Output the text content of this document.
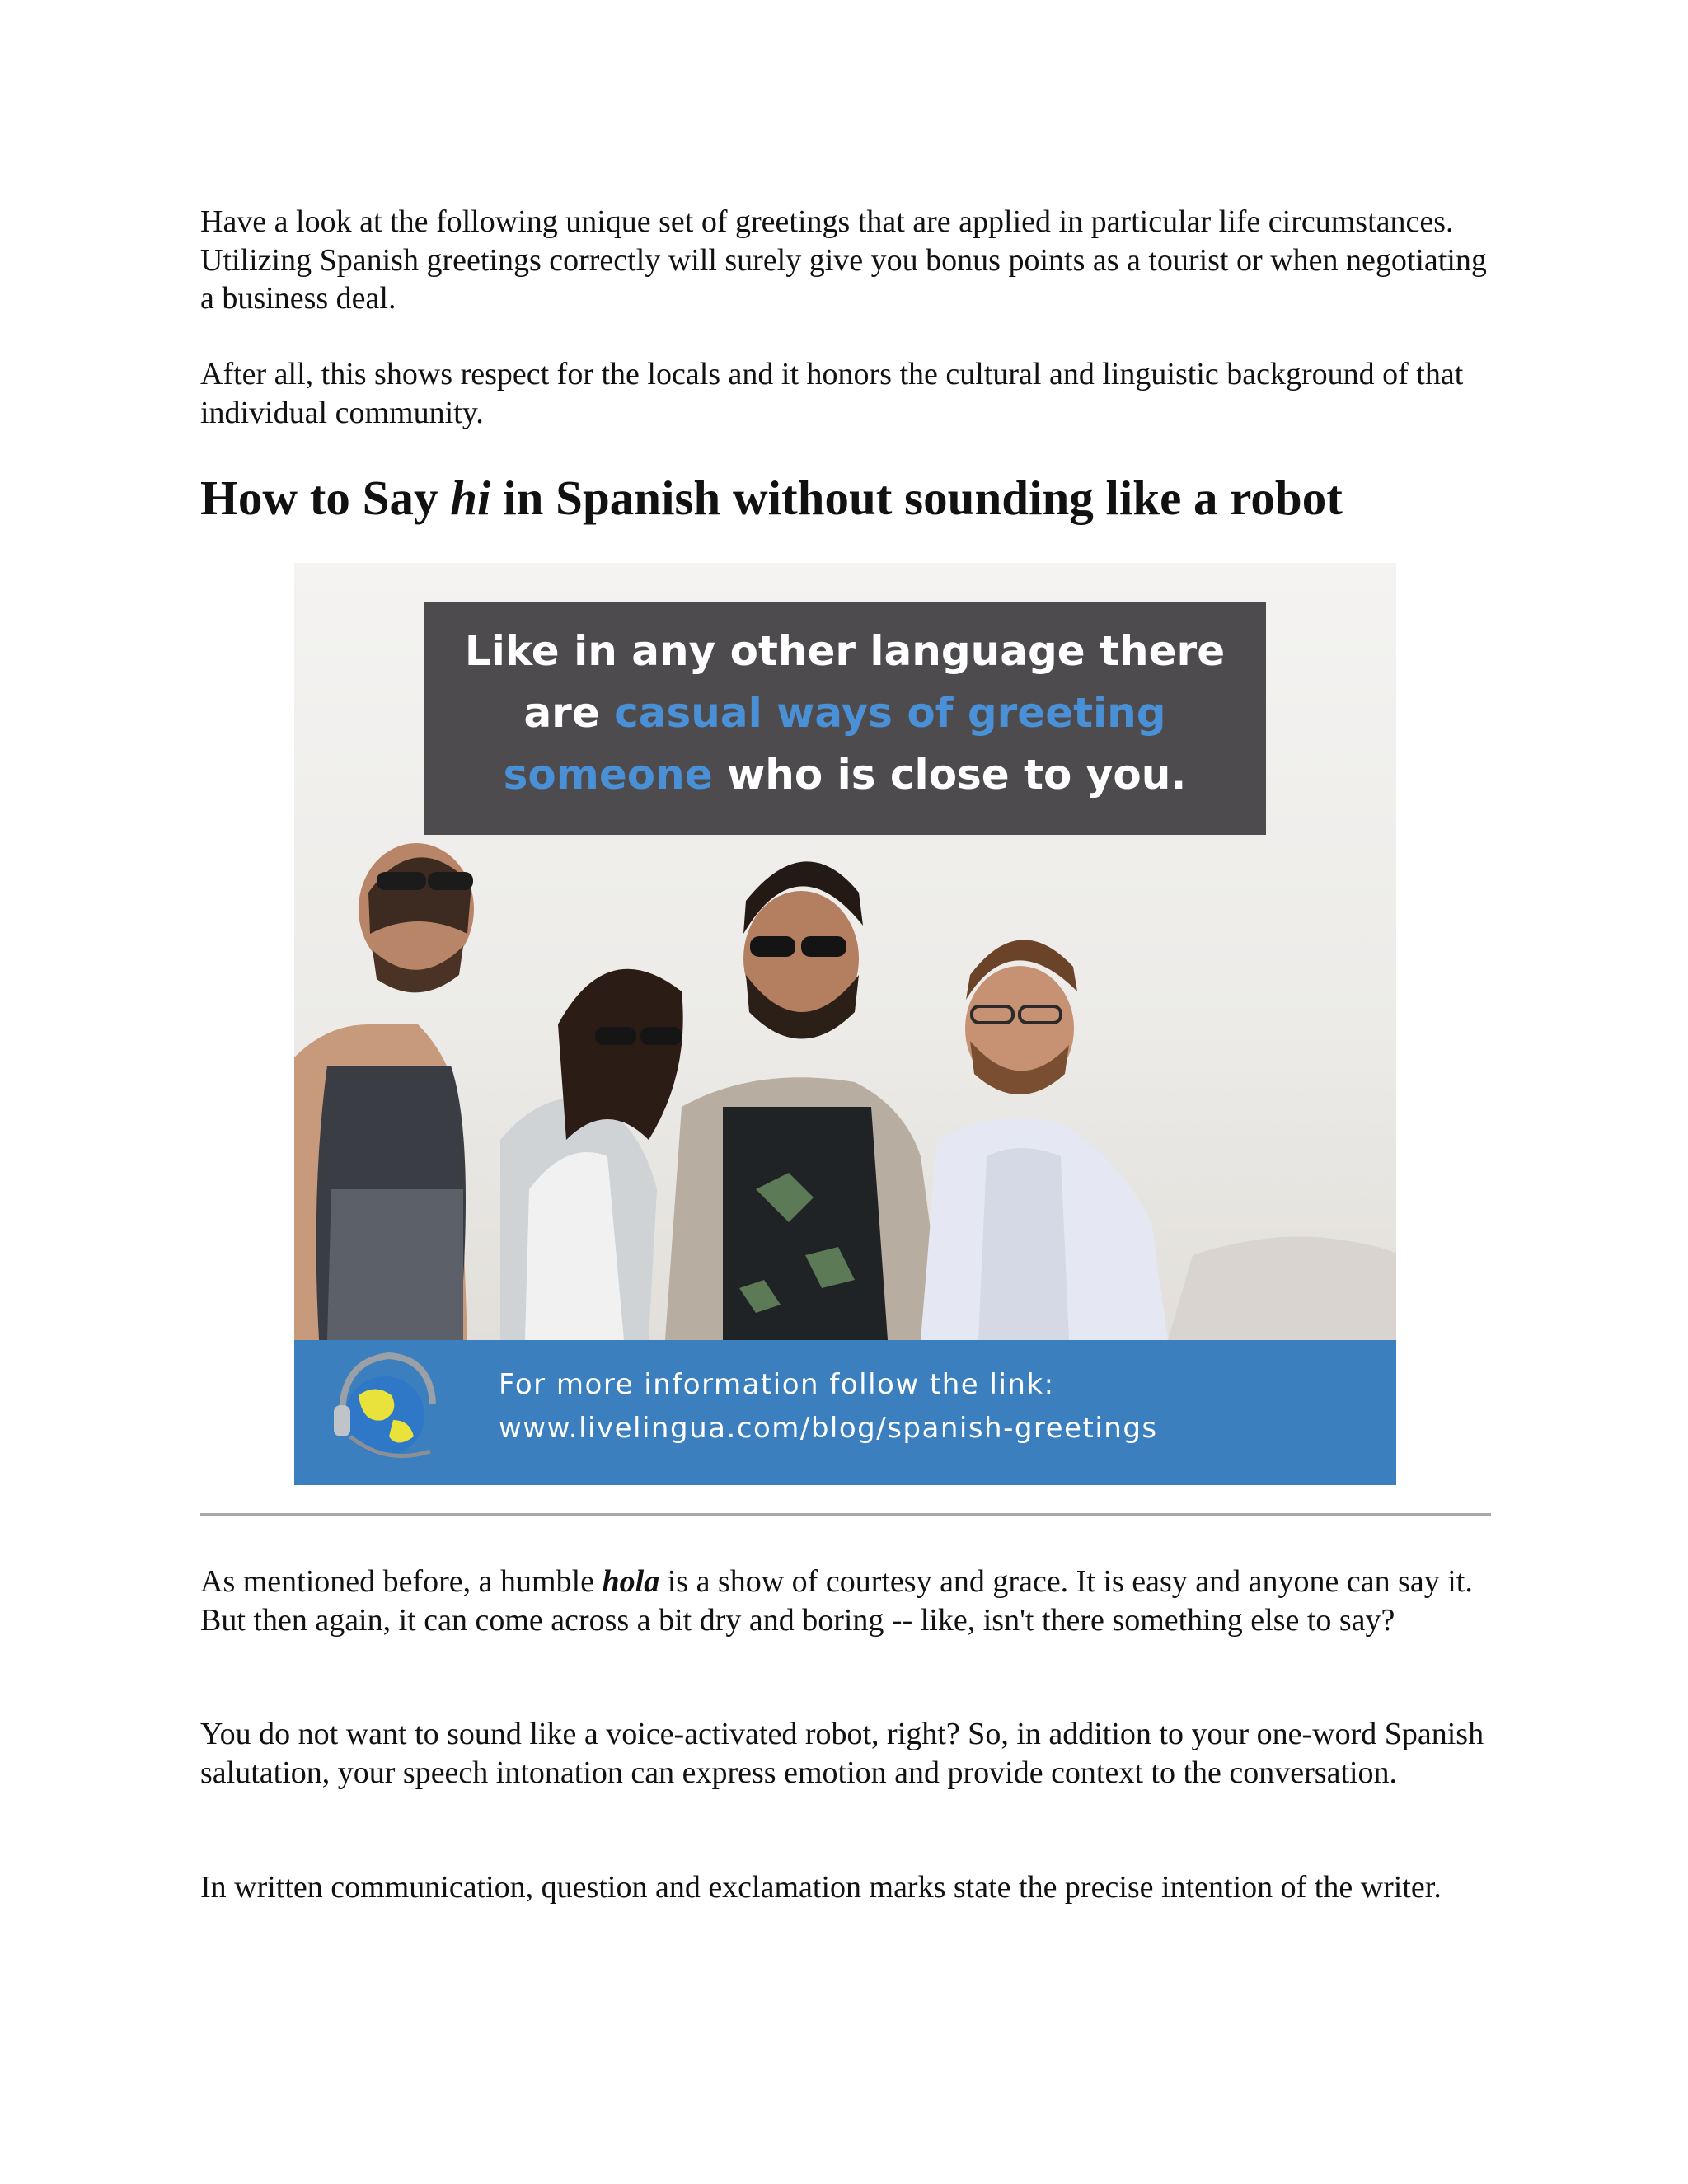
Have a look at the following unique set of greetings that are applied in particular life circumstances. Utilizing Spanish greetings correctly will surely give you bonus points as a tourist or when negotiating a business deal.

After all, this shows respect for the locals and it honors the cultural and linguistic background of that individual community.

How to Say hi in Spanish without sounding like a robot
Like in any other language there
are casual ways of greeting
someone who is close to you.
For more information follow the link:
www.livelingua.com/blog/spanish-greetings

As mentioned before, a humble hola is a show of courtesy and grace. It is easy and anyone can say it. But then again, it can come across a bit dry and boring -- like, isn't there something else to say?

You do not want to sound like a voice-activated robot, right? So, in addition to your one-word Spanish salutation, your speech intonation can express emotion and provide context to the conversation.

In written communication, question and exclamation marks state the precise intention of the writer.
